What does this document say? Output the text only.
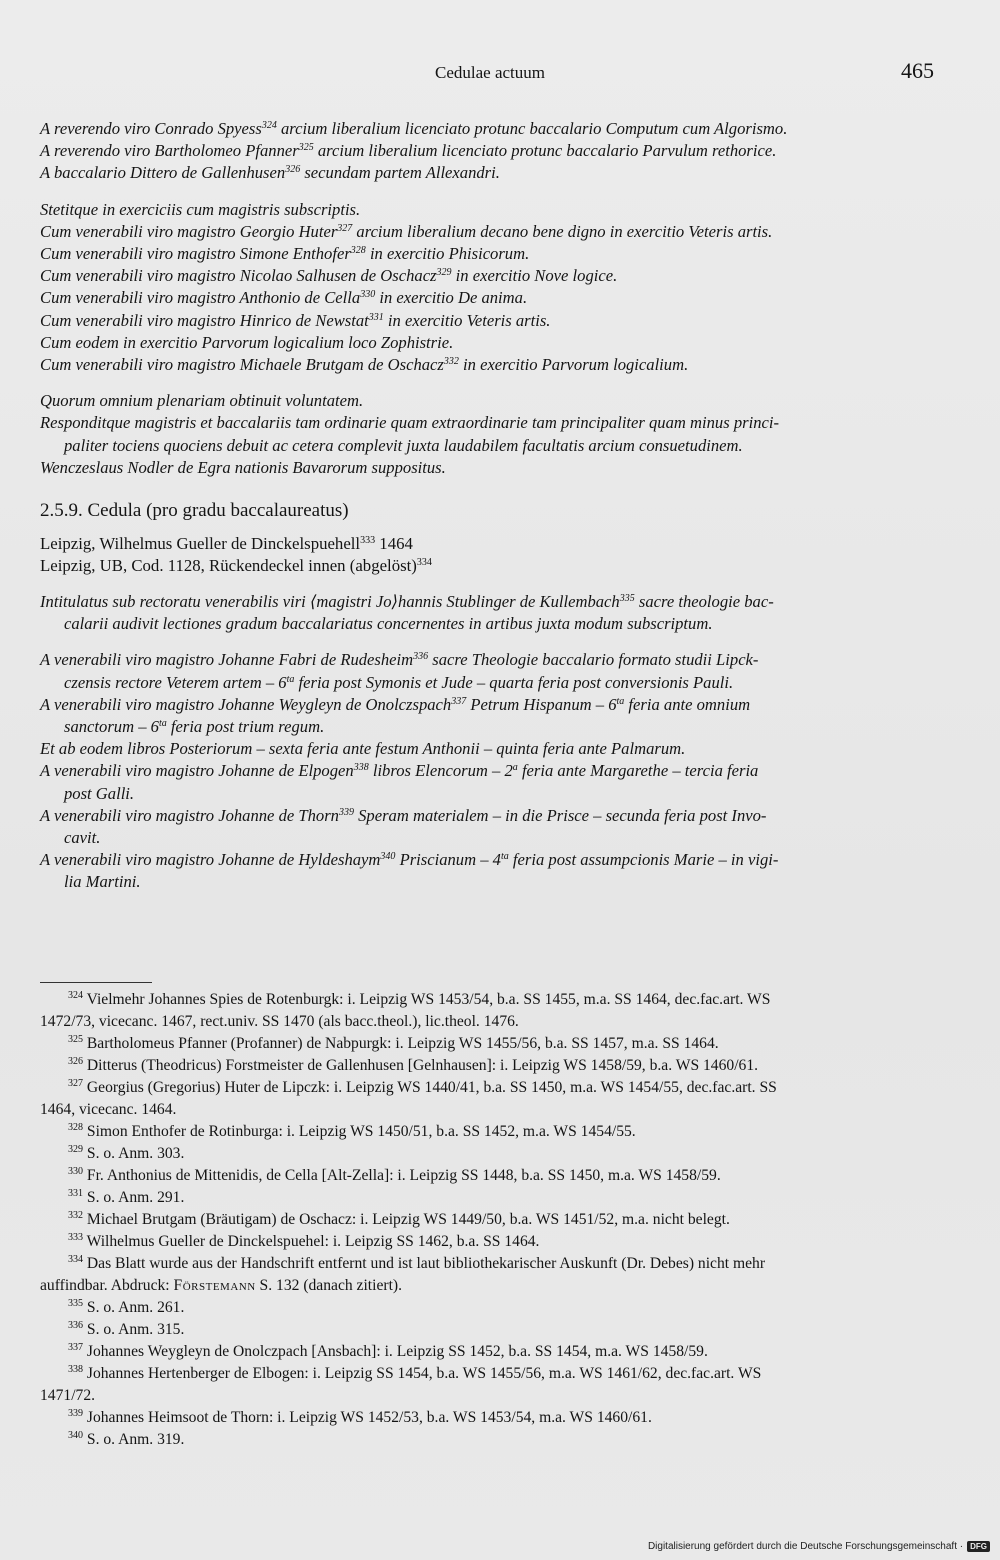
Cedulae actuum	465
A reverendo viro Conrado Spyess$^{324}$ arcium liberalium licenciato protunc baccalario Computum cum Algorismo.
A reverendo viro Bartholomeo Pfanner$^{325}$ arcium liberalium licenciato protunc baccalario Parvulum rethorice.
A baccalario Dittero de Gallenhusen$^{326}$ secundam partem Allexandri.
Stetitque in exerciciis cum magistris subscriptis.
Cum venerabili viro magistro Georgio Huter$^{327}$ arcium liberalium decano bene digno in exercitio Veteris artis.
Cum venerabili viro magistro Simone Enthofer$^{328}$ in exercitio Phisicorum.
Cum venerabili viro magistro Nicolao Salhusen de Oschacz$^{329}$ in exercitio Nove logice.
Cum venerabili viro magistro Anthonio de Cella$^{330}$ in exercitio De anima.
Cum venerabili viro magistro Hinrico de Newstat$^{331}$ in exercitio Veteris artis.
Cum eodem in exercitio Parvorum logicalium loco Zophistrie.
Cum venerabili viro magistro Michaele Brutgam de Oschacz$^{332}$ in exercitio Parvorum logicalium.
Quorum omnium plenariam obtinuit voluntatem.
Responditque magistris et baccalariis tam ordinarie quam extraordinarie tam principaliter quam minus princi-
paliter tociens quociens debuit ac cetera complevit juxta laudabilem facultatis arcium consuetudinem.
Wenczeslaus Nodler de Egra nationis Bavarorum suppositus.

2.5.9. Cedula (pro gradu baccalaureatus)

Leipzig, Wilhelmus Gueller de Dinckelspuehell$^{333}$ 1464
Leipzig, UB, Cod. 1128, Rückendeckel innen (abgelöst)$^{334}$
Intitulatus sub rectoratu venerabilis viri ⟨magistri Jo⟩hannis Stublinger de Kullembach$^{335}$ sacre theologie bac-
calarii audivit lectiones gradum baccalariatus concernentes in artibus juxta modum subscriptum.
A venerabili viro magistro Johanne Fabri de Rudesheim$^{336}$ sacre Theologie baccalario formato studii Lipck-
czensis rectore Veterem artem – $6^{ta}$ feria post Symonis et Jude – quarta feria post conversionis Pauli.
A venerabili viro magistro Johanne Weygleyn de Onolczspach$^{337}$ Petrum Hispanum – $6^{ta}$ feria ante omnium
sanctorum – $6^{ta}$ feria post trium regum.
Et ab eodem libros Posteriorum – sexta feria ante festum Anthonii – quinta feria ante Palmarum.
A venerabili viro magistro Johanne de Elpogen$^{338}$ libros Elencorum – 2$^a$ feria ante Margarethe – tercia feria
post Galli.
A venerabili viro magistro Johanne de Thorn$^{339}$ Speram materialem – in die Prisce – secunda feria post Invo-
cavit.
A venerabili viro magistro Johanne de Hyldeshaym$^{340}$ Priscianum – $4^{ta}$ feria post assumpcionis Marie – in vigi-
lia Martini.
$^{324}$ Vielmehr Johannes Spies de Rotenburgk: i. Leipzig WS 1453/54, b.a. SS 1455, m.a. SS 1464, dec.fac.art. WS
1472/73, vicecanc. 1467, rect.univ. SS 1470 (als bacc.theol.), lic.theol. 1476.
$^{325}$ Bartholomeus Pfanner (Profanner) de Nabpurgk: i. Leipzig WS 1455/56, b.a. SS 1457, m.a. SS 1464.
$^{326}$ Ditterus (Theodricus) Forstmeister de Gallenhusen [Gelnhausen]: i. Leipzig WS 1458/59, b.a. WS 1460/61.
$^{327}$ Georgius (Gregorius) Huter de Lipczk: i. Leipzig WS 1440/41, b.a. SS 1450, m.a. WS 1454/55, dec.fac.art. SS
1464, vicecanc. 1464.
$^{328}$ Simon Enthofer de Rotinburga: i. Leipzig WS 1450/51, b.a. SS 1452, m.a. WS 1454/55.
$^{329}$ S. o. Anm. 303.
$^{330}$ Fr. Anthonius de Mittenidis, de Cella [Alt-Zella]: i. Leipzig SS 1448, b.a. SS 1450, m.a. WS 1458/59.
$^{331}$ S. o. Anm. 291.
$^{332}$ Michael Brutgam (Bräutigam) de Oschacz: i. Leipzig WS 1449/50, b.a. WS 1451/52, m.a. nicht belegt.
$^{333}$ Wilhelmus Gueller de Dinckelspuehel: i. Leipzig SS 1462, b.a. SS 1464.
$^{334}$ Das Blatt wurde aus der Handschrift entfernt und ist laut bibliothekarischer Auskunft (Dr. Debes) nicht mehr
auffindbar. Abdruck: Förstemann S. 132 (danach zitiert).
$^{335}$ S. o. Anm. 261.
$^{336}$ S. o. Anm. 315.
$^{337}$ Johannes Weygleyn de Onolczpach [Ansbach]: i. Leipzig SS 1452, b.a. SS 1454, m.a. WS 1458/59.
$^{338}$ Johannes Hertenberger de Elbogen: i. Leipzig SS 1454, b.a. WS 1455/56, m.a. WS 1461/62, dec.fac.art. WS
1471/72.
$^{339}$ Johannes Heimsoot de Thorn: i. Leipzig WS 1452/53, b.a. WS 1453/54, m.a. WS 1460/61.
$^{340}$ S. o. Anm. 319.
Digitalisierung gefördert durch die Deutsche Forschungsgemeinschaft · DFG
